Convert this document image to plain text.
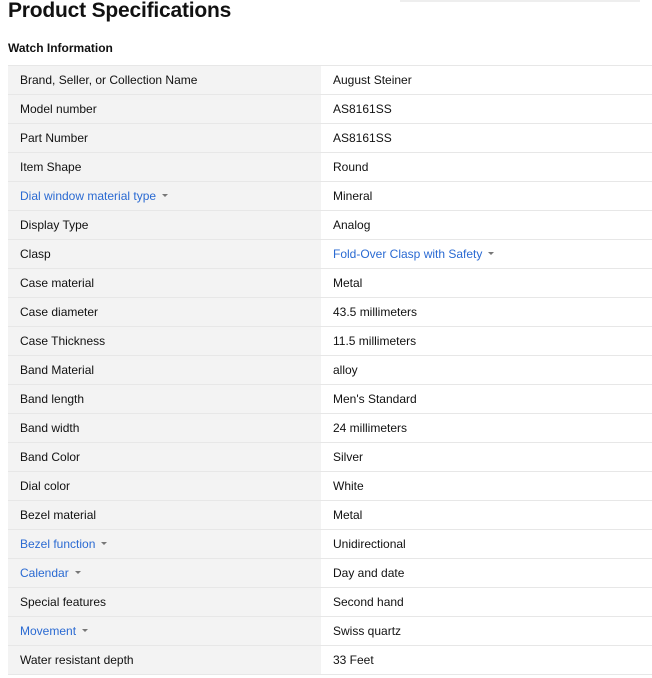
Product Specifications
Watch Information
Brand, Seller, or Collection Name	August Steiner
Model number	AS8161SS
Part Number	AS8161SS
Item Shape	Round
Dial window material type	Mineral
Display Type	Analog
Clasp	Fold-Over Clasp with Safety
Case material	Metal
Case diameter	43.5 millimeters
Case Thickness	11.5 millimeters
Band Material	alloy
Band length	Men's Standard
Band width	24 millimeters
Band Color	Silver
Dial color	White
Bezel material	Metal
Bezel function	Unidirectional
Calendar	Day and date
Special features	Second hand
Movement	Swiss quartz
Water resistant depth	33 Feet
